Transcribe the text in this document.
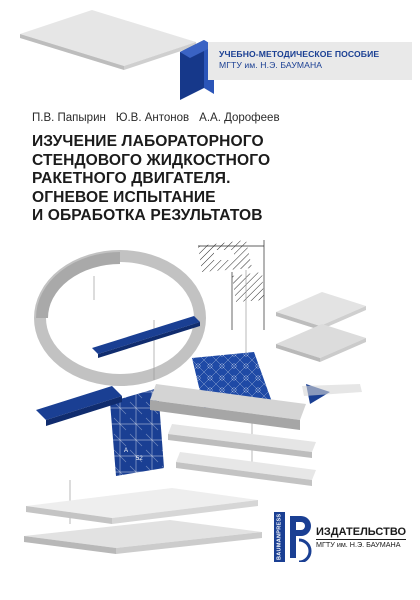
A
52
УЧЕБНО-МЕТОДИЧЕСКОЕ ПОСОБИЕ
МГТУ им. Н.Э. БАУМАНА
П.В. Папырин Ю.В. Антонов А.А. Дорофеев
ИЗУЧЕНИЕ ЛАБОРАТОРНОГО
СТЕНДОВОГО ЖИДКОСТНОГО
РАКЕТНОГО ДВИГАТЕЛЯ.
ОГНЕВОЕ ИСПЫТАНИЕ
И ОБРАБОТКА РЕЗУЛЬТАТОВ
BAUMANPRESS	ИЗДАТЕЛЬСТВО
МГТУ им. Н.Э. БАУМАНА
